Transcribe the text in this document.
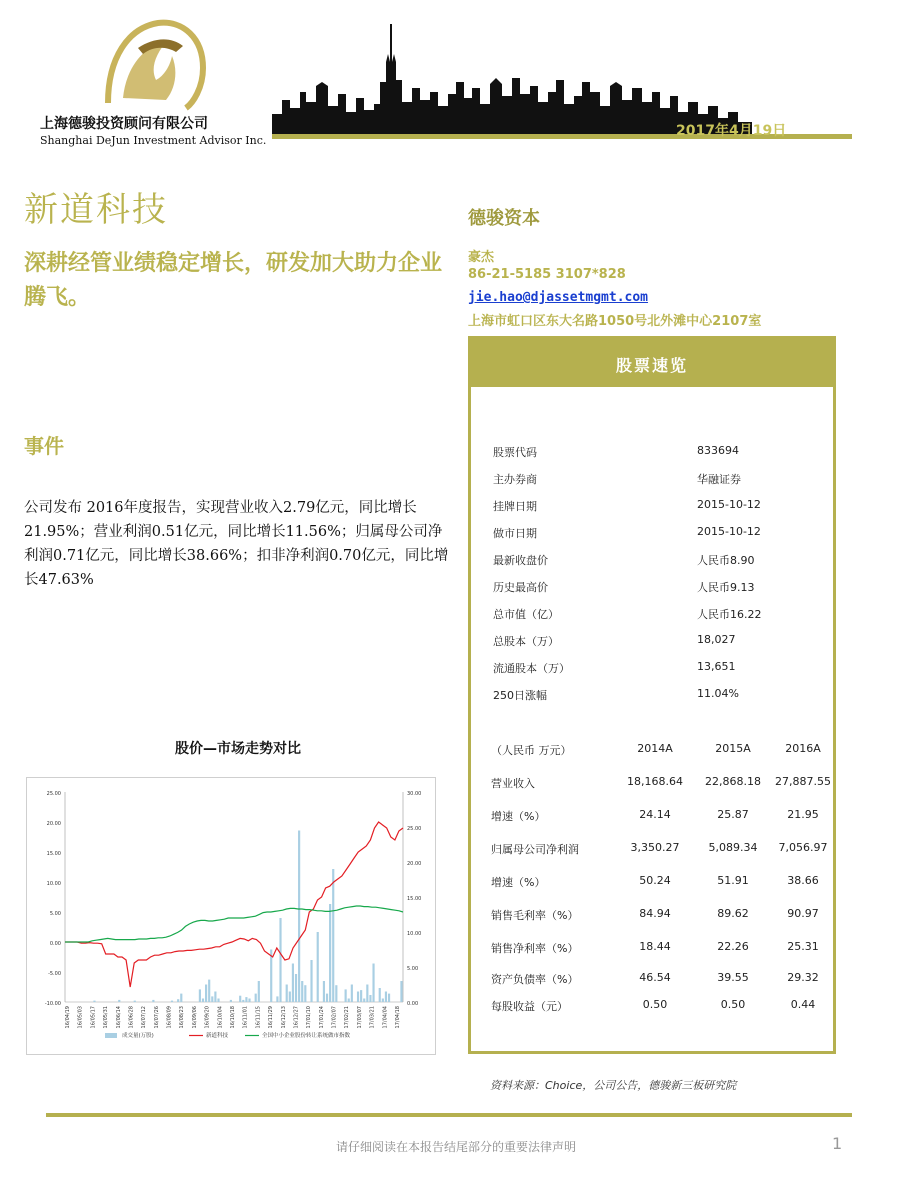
上海德骏投资顾问有限公司
Shanghai DeJun Investment Advisor Inc.
2017年4月19日
新道科技
深耕经管业绩稳定增长，研发加大助力企业腾飞。
事件
公司发布 2016年度报告，实现营业收入2.79亿元，同比增长21.95%；营业利润0.51亿元，同比增长11.56%；归属母公司净利润0.71亿元，同比增长38.66%；扣非净利润0.70亿元，同比增长47.63%
德骏资本
豪杰
86-21-5185 3107*828
jie.hao@djassetmgmt.com
上海市虹口区东大名路1050号北外滩中心2107室
股票速览
股票代码	833694
主办券商	华融证券
挂牌日期	2015-10-12
做市日期	2015-10-12
最新收盘价	人民币8.90
历史最高价	人民币9.13
总市值（亿）	人民币16.22
总股本（万）	18,027
流通股本（万）	13,651
250日涨幅	11.04%
（人民币 万元）	2014A	2015A	2016A
营业收入	18,168.64	22,868.18	27,887.55
增速（%）	24.14	25.87	21.95
归属母公司净利润	3,350.27	5,089.34	7,056.97
增速（%）	50.24	51.91	38.66
销售毛利率（%）	84.94	89.62	90.97
销售净利率（%）	18.44	22.26	25.31
资产负债率（%）	46.54	39.55	29.32
每股收益（元）	0.50	0.50	0.44
资料来源：Choice，公司公告，德骏新三板研究院
股价—市场走势对比
25.00
20.00
15.00
10.00
5.00
0.00
-5.00
-10.00
30.00
25.00
20.00
15.00
10.00
5.00
0.00
16/04/19 16/05/03 16/05/17 16/05/31 16/06/14 16/06/28 16/07/12 16/07/26 16/08/09 16/08/23 16/09/06 16/09/20 16/10/04 16/10/18 16/11/01 16/11/15 16/11/29 16/12/13 16/12/27 17/01/10 17/01/24 17/02/07 17/02/21 17/03/07 17/03/21 17/04/04 17/04/18
成交量(万股)	新道科技	全国中小企业股份转让系统做市指数
请仔细阅读在本报告结尾部分的重要法律声明	1
